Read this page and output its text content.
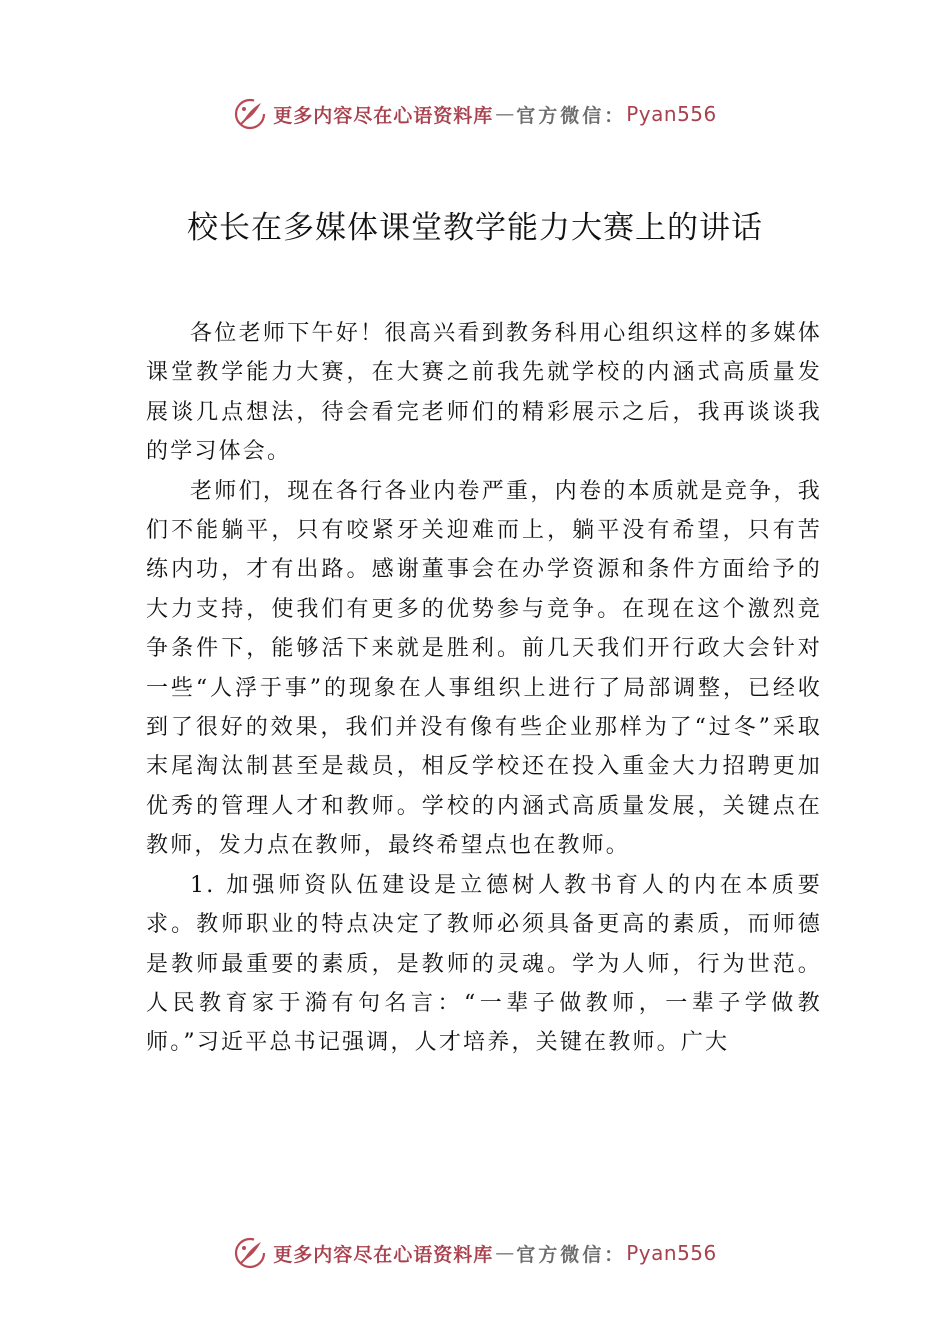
更多内容尽在心语资料库 — 官方微信： Pyan556
校长在多媒体课堂教学能力大赛上的讲话

各位老师下午好！很高兴看到教务科用心组织这样的多媒体课堂教学能力大赛，在大赛之前我先就学校的内涵式高质量发展谈几点想法，待会看完老师们的精彩展示之后，我再谈谈我的学习体会。

老师们，现在各行各业内卷严重，内卷的本质就是竞争，我们不能躺平，只有咬紧牙关迎难而上，躺平没有希望，只有苦练内功，才有出路。感谢董事会在办学资源和条件方面给予的大力支持，使我们有更多的优势参与竞争。在现在这个激烈竞争条件下，能够活下来就是胜利。前几天我们开行政大会针对一些“人浮于事”的现象在人事组织上进行了局部调整，已经收到了很好的效果，我们并没有像有些企业那样为了“过冬”采取末尾淘汰制甚至是裁员，相反学校还在投入重金大力招聘更加优秀的管理人才和教师。学校的内涵式高质量发展，关键点在教师，发力点在教师，最终希望点也在教师。

1. 加强师资队伍建设是立德树人教书育人的内在本质要求。教师职业的特点决定了教师必须具备更高的素质，而师德是教师最重要的素质，是教师的灵魂。学为人师，行为世范。人民教育家于漪有句名言：“一辈子做教师，一辈子学做教师。”习近平总书记强调，人才培养，关键在教师。广大

更多内容尽在心语资料库 — 官方微信： Pyan556
